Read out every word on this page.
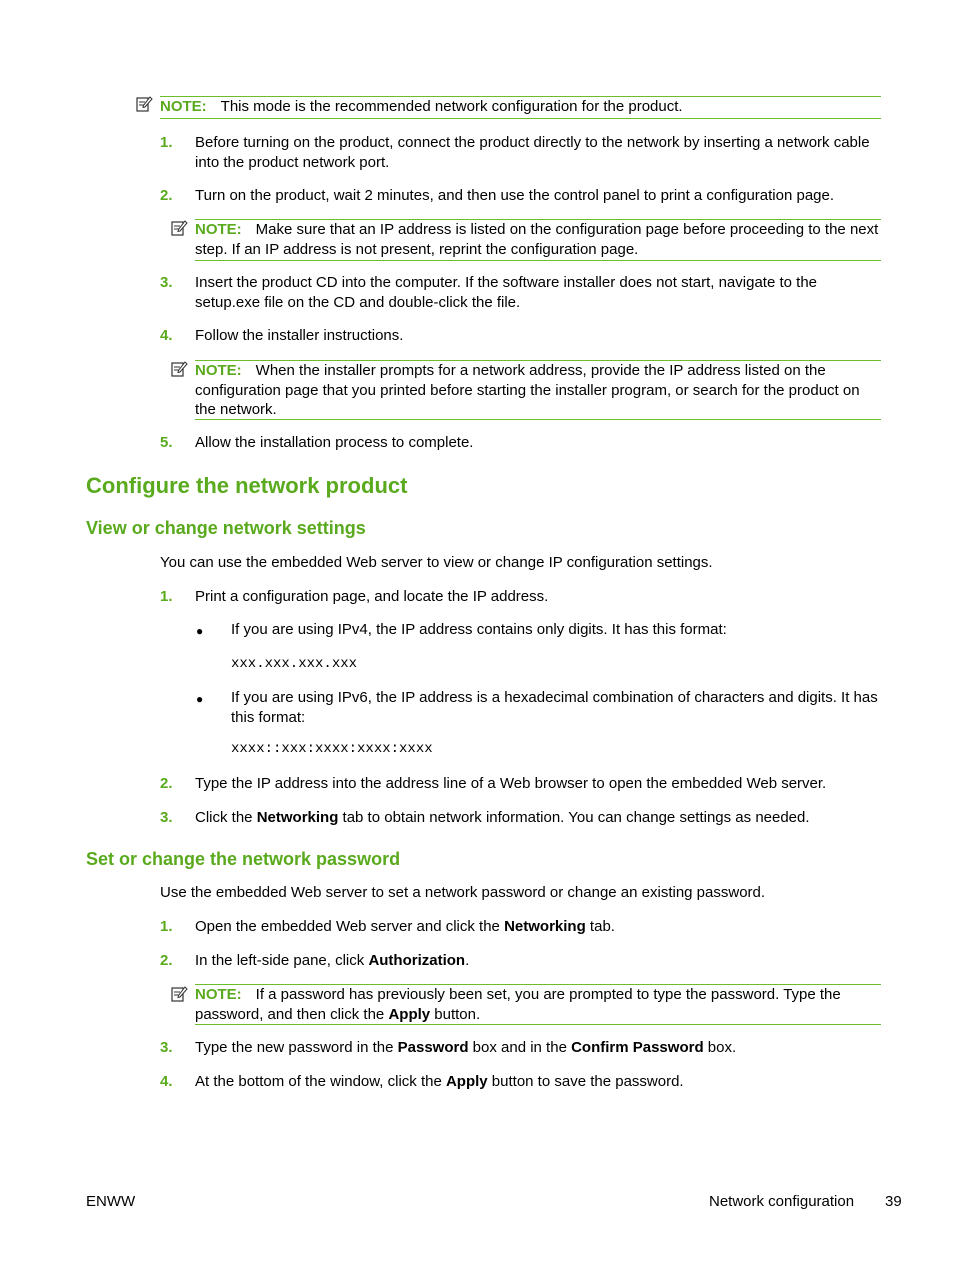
NOTE: This mode is the recommended network configuration for the product.
1. Before turning on the product, connect the product directly to the network by inserting a network cable into the product network port.
2. Turn on the product, wait 2 minutes, and then use the control panel to print a configuration page.
NOTE: Make sure that an IP address is listed on the configuration page before proceeding to the next step. If an IP address is not present, reprint the configuration page.
3. Insert the product CD into the computer. If the software installer does not start, navigate to the setup.exe file on the CD and double-click the file.
4. Follow the installer instructions.
NOTE: When the installer prompts for a network address, provide the IP address listed on the configuration page that you printed before starting the installer program, or search for the product on the network.
5. Allow the installation process to complete.
Configure the network product
View or change network settings
You can use the embedded Web server to view or change IP configuration settings.
1. Print a configuration page, and locate the IP address.
● If you are using IPv4, the IP address contains only digits. It has this format:
xxx.xxx.xxx.xxx
● If you are using IPv6, the IP address is a hexadecimal combination of characters and digits. It has this format:
xxxx::xxx:xxxx:xxxx:xxxx
2. Type the IP address into the address line of a Web browser to open the embedded Web server.
3. Click the Networking tab to obtain network information. You can change settings as needed.
Set or change the network password
Use the embedded Web server to set a network password or change an existing password.
1. Open the embedded Web server and click the Networking tab.
2. In the left-side pane, click Authorization.
NOTE: If a password has previously been set, you are prompted to type the password. Type the password, and then click the Apply button.
3. Type the new password in the Password box and in the Confirm Password box.
4. At the bottom of the window, click the Apply button to save the password.
ENWW	Network configuration 39
